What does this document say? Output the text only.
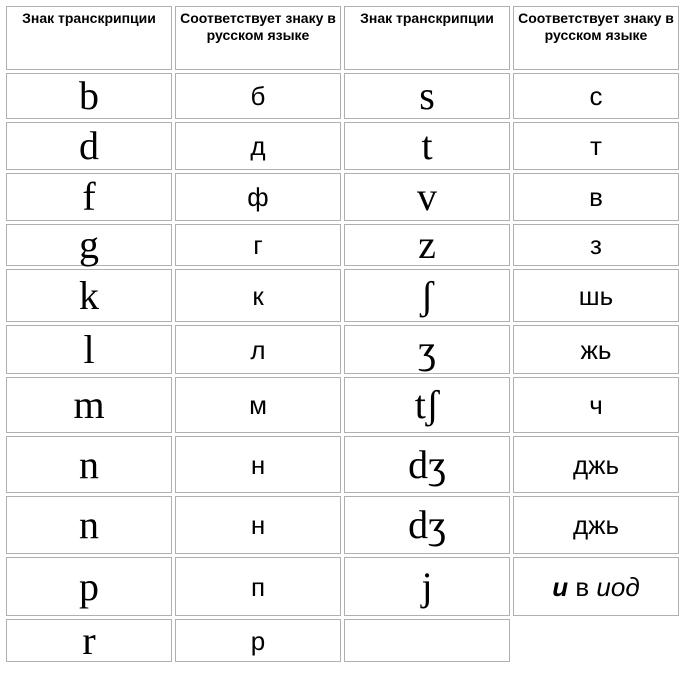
Знак транскрипции	Соответствует знаку в русском языке	Знак транскрипции	Соответствует знаку в русском языке
b	б	s	с
d	д	t	т
f	ф	v	в
g	г	z	з
k	к	ʃ	шь
l	л	ʒ	жь
m	м	tʃ	ч
n	н	dʒ	джь
n	н	dʒ	джь
p	п	j	и в иод
r	р		
